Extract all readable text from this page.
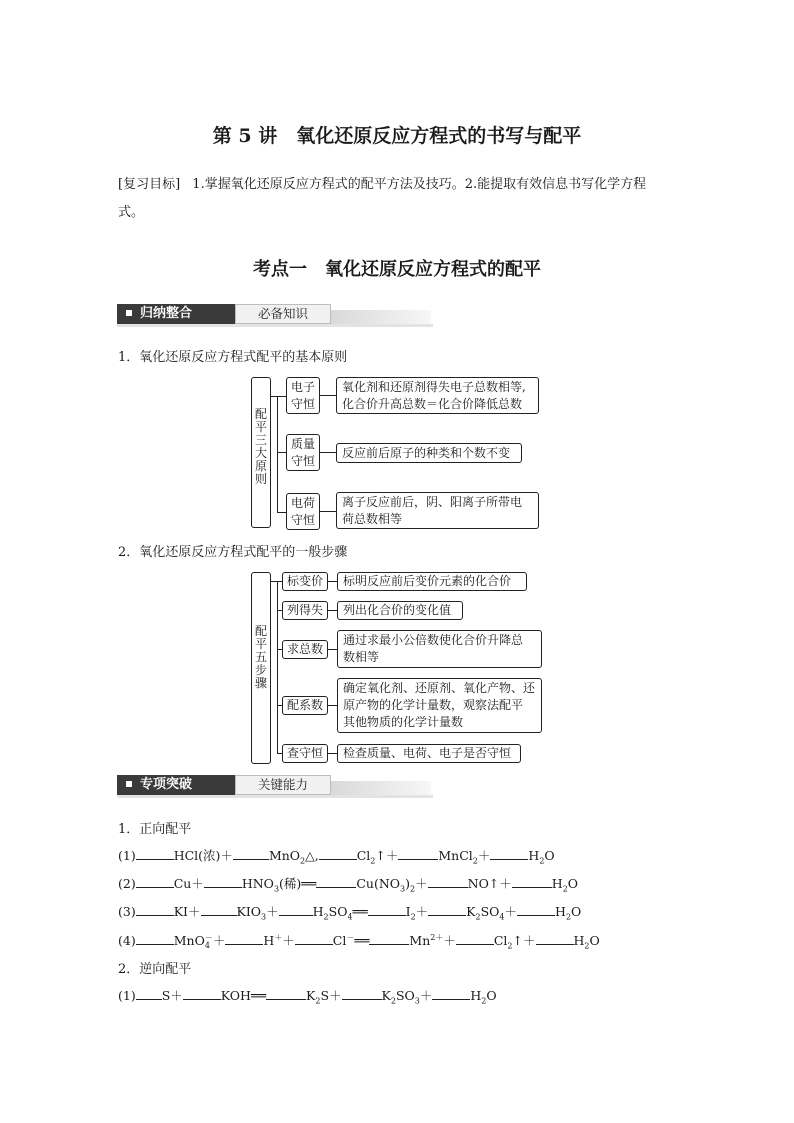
第 5 讲　氧化还原反应方程式的书写与配平
[复习目标] 1.掌握氧化还原反应方程式的配平方法及技巧。2.能提取有效信息书写化学方程
式。
考点一　氧化还原反应方程式的配平
归纳整合	必备知识
1．氧化还原反应方程式配平的基本原则
配平三大原则
电子
守恒
氧化剂和还原剂得失电子总数相等,
化合价升高总数＝化合价降低总数
质量
守恒
反应前后原子的种类和个数不变
电荷
守恒
离子反应前后，阴、阳离子所带电
荷总数相等
2．氧化还原反应方程式配平的一般步骤
配平五步骤
标变价	标明反应前后变价元素的化合价
列得失	列出化合价的变化值
求总数
通过求最小公倍数使化合价升降总
数相等
配系数
确定氧化剂、还原剂、氧化产物、还
原产物的化学计量数，观察法配平
其他物质的化学计量数
查守恒	检查质量、电荷、电子是否守恒
专项突破	关键能力
1．正向配平
(1)	HCl(浓)＋	MnO$_2$△,	$Cl_2↑+$	MnCl$_2$＋	$H_2O$
(2)	Cu＋	$HNO_3$(稀)══	$Cu(NO_3)_2+$	NO↑＋	$H_2O$
(3)	KI＋	$KIO_3+$	$H_2SO_4══$	$I_2+$	$K_2SO_4+$	$H_2O$
(4)	MnO －
4 ＋	H＋＋	Cl－══	$Mn^{2+}+$	$Cl_2↑+$	$H_2O$
2．逆向配平
(1) S＋	KOH══	$K_2S+$	$K_2SO_3+$	$H_2O$
